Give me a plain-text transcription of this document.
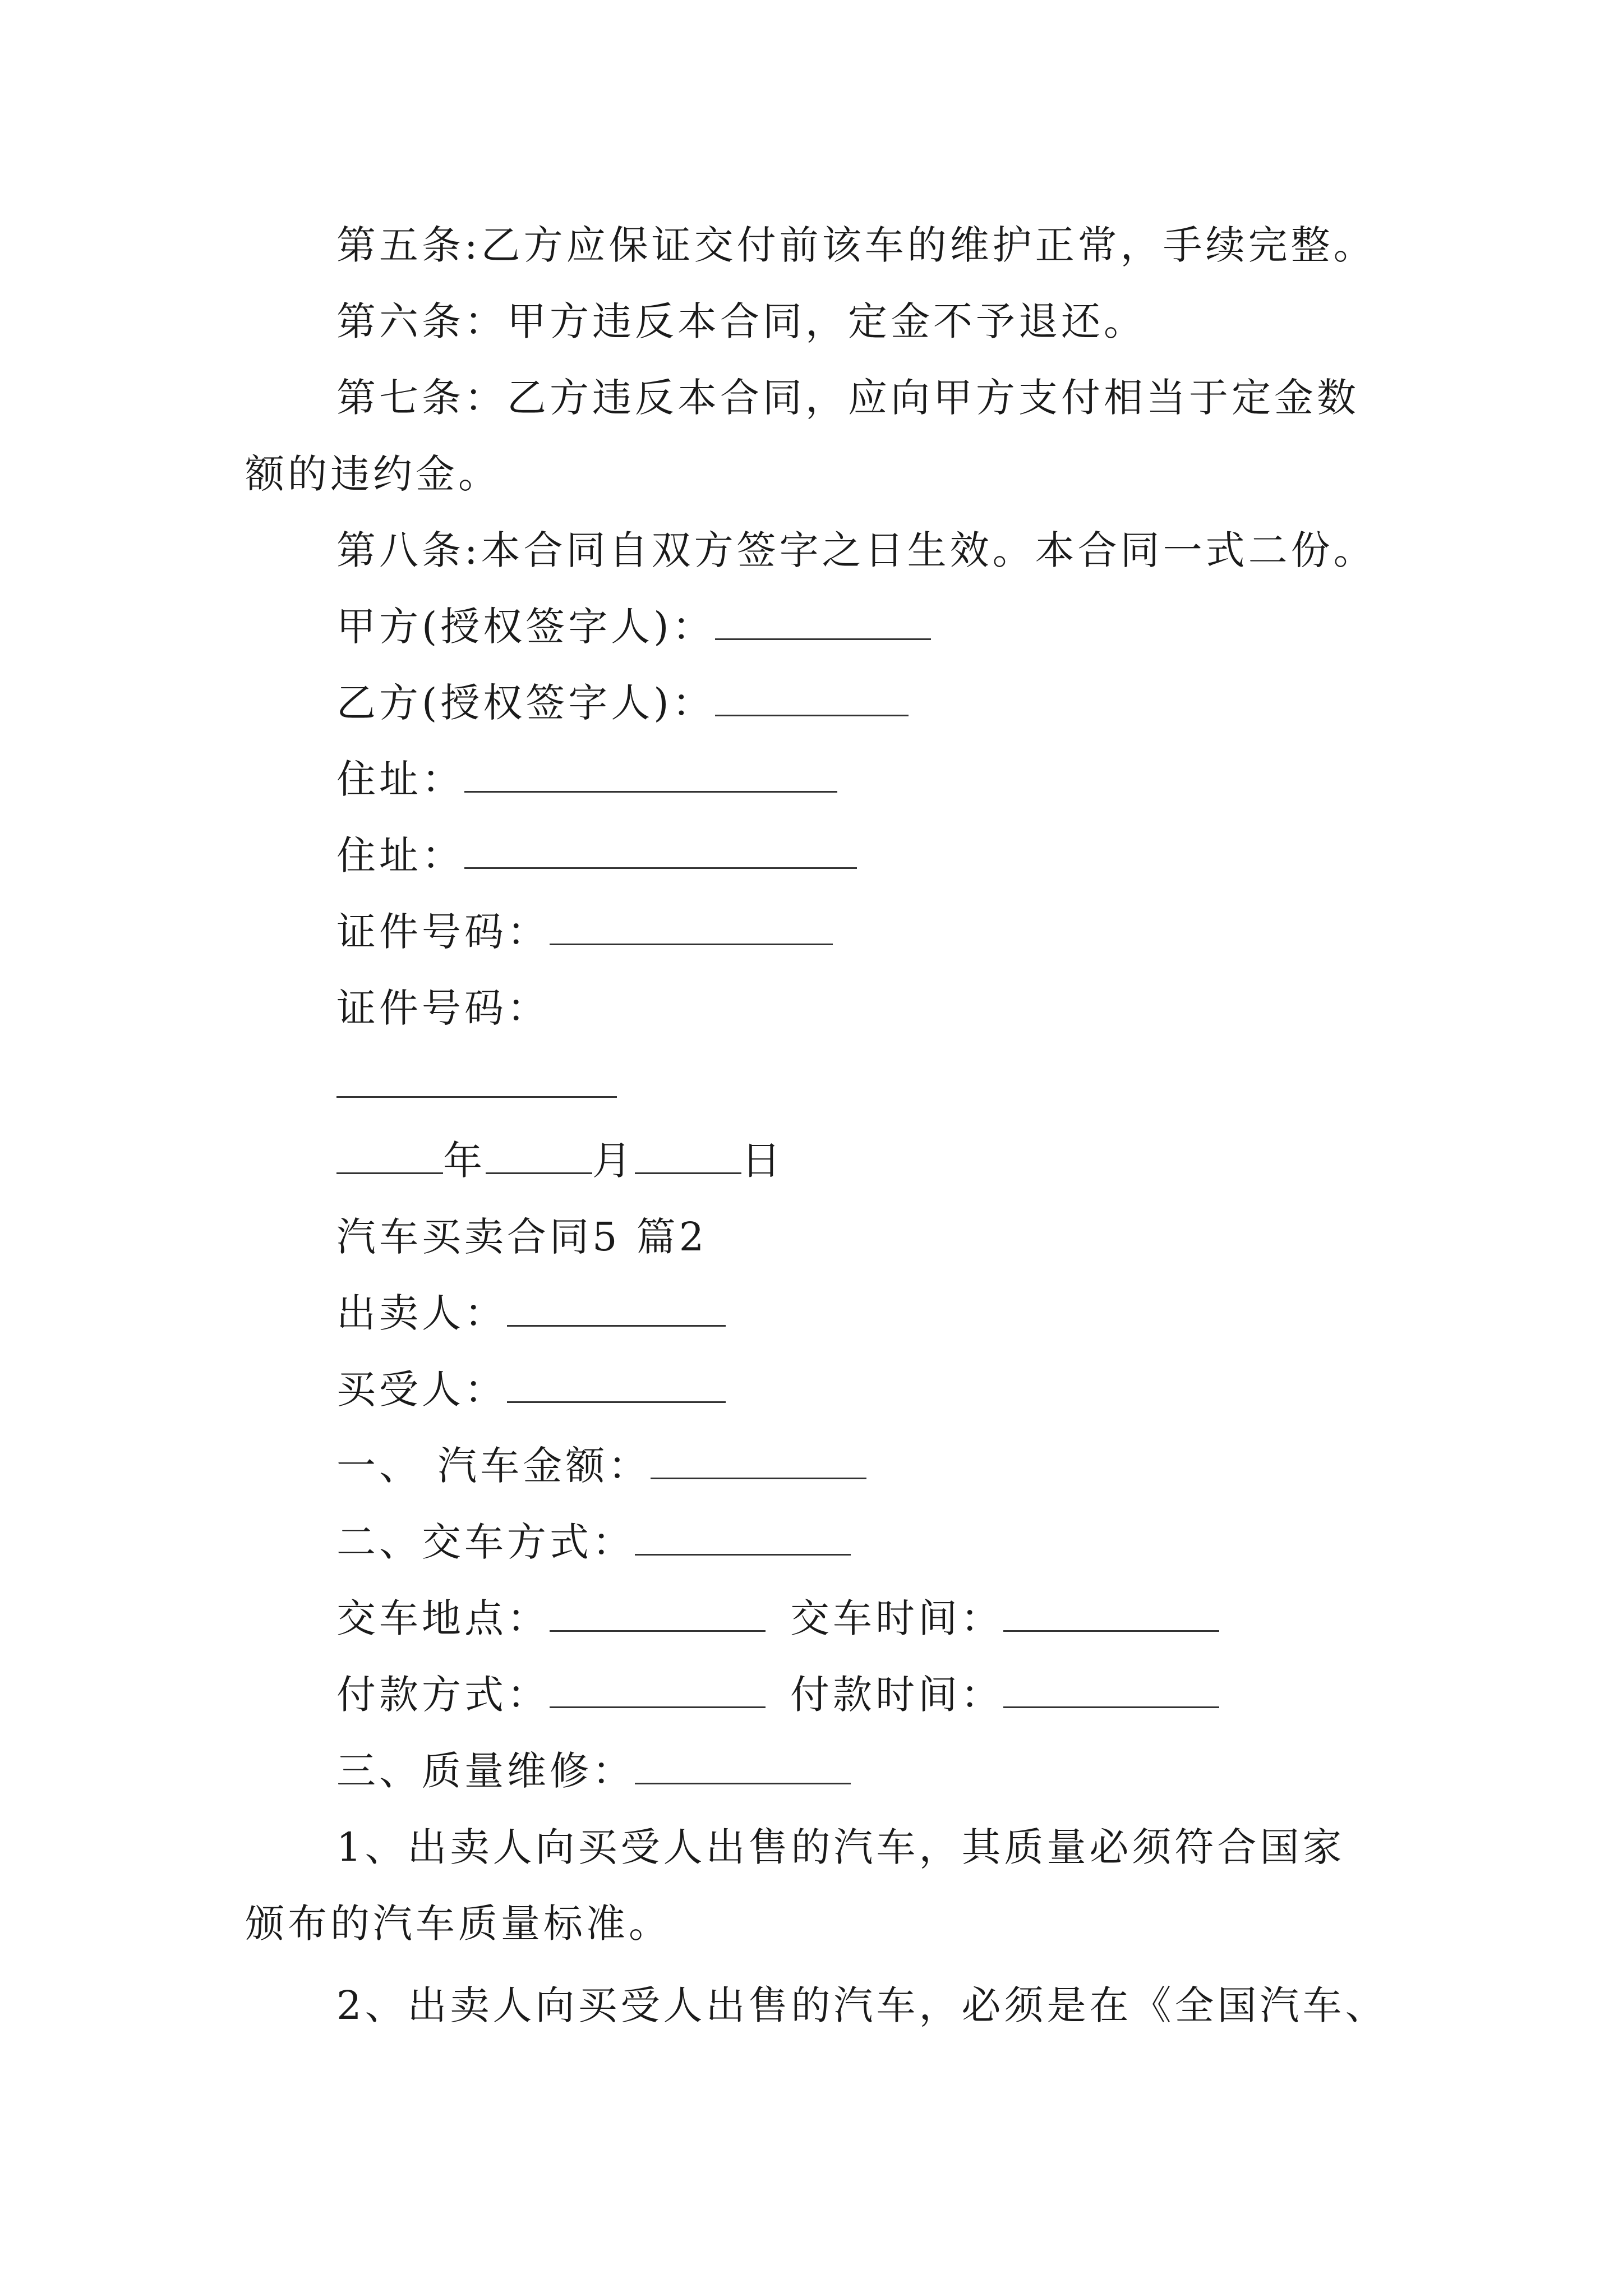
第五条:乙方应保证交付前该车的维护正常，手续完整。
第六条：甲方违反本合同，定金不予退还。
第七条：乙方违反本合同，应向甲方支付相当于定金数
额的违约金。
第八条:本合同自双方签字之日生效。本合同一式二份。
甲方(授权签字人)：
乙方(授权签字人)：
住址：
住址：
证件号码：
证件号码：
年	月	日
汽车买卖合同5 篇2
出卖人：
买受人：
一、 汽车金额：
二、交车方式：
交车地点：	交车时间：
付款方式：	付款时间：
三、质量维修：
1、出卖人向买受人出售的汽车，其质量必须符合国家
颁布的汽车质量标准。
2、出卖人向买受人出售的汽车，必须是在《全国汽车、
